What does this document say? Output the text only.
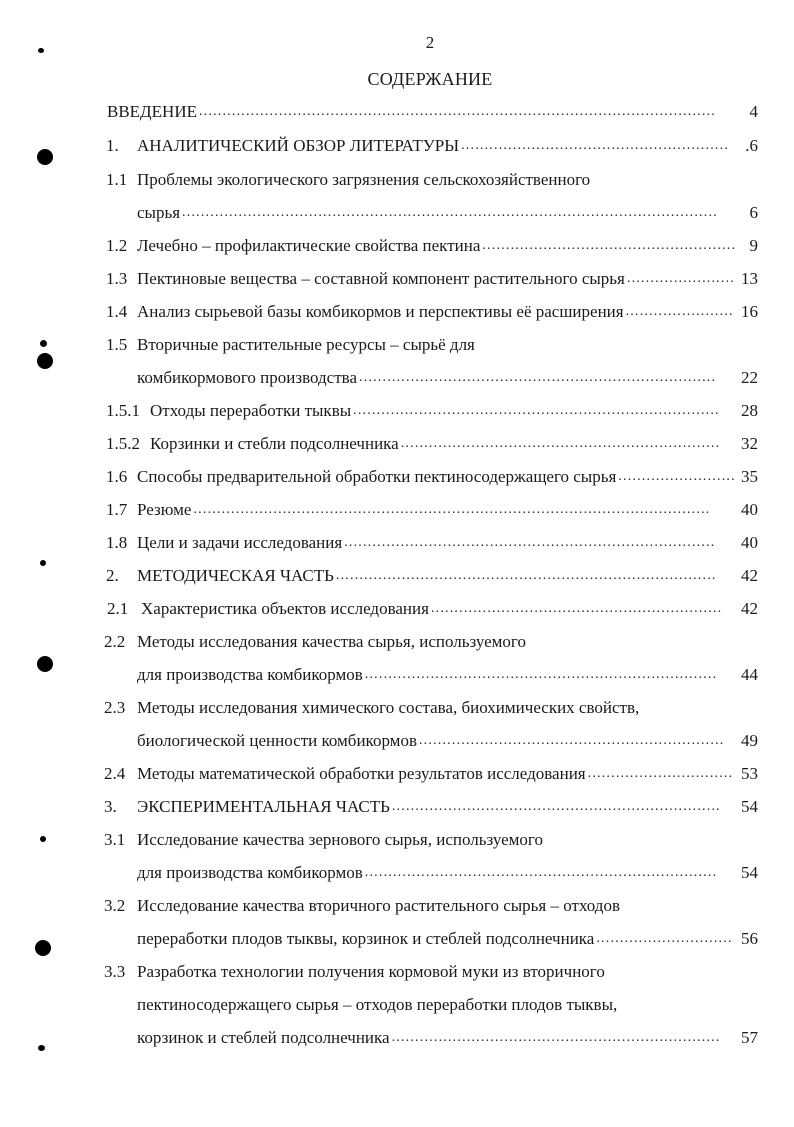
2
СОДЕРЖАНИЕ
ВВЕДЕНИЕ ..............................................................................................................	4
1. АНАЛИТИЧЕСКИЙ ОБЗОР ЛИТЕРАТУРЫ ......................................................... .6
1.1 Проблемы экологического загрязнения сельскохозяйственного
сырья ..................................................................................................................	6
1.2 Лечебно – профилактические свойства пектина ...................................................... 9
1.3 Пектиновые вещества – составной компонент растительного сырья ....................... 13
1.4 Анализ сырьевой базы комбикормов и перспективы её расширения ....................... 16
1.5 Вторичные растительные ресурсы – сырьё для
комбикормового производства ............................................................................	22
1.5.1 Отходы переработки тыквы ..............................................................................	28
1.5.2 Корзинки и стебли подсолнечника ....................................................................	32
1.6 Способы предварительной обработки пектиносодержащего сырья ......................... 35
1.7 Резюме ..............................................................................................................	40
1.8 Цели и задачи исследования ...............................................................................	40
2. МЕТОДИЧЕСКАЯ ЧАСТЬ .................................................................................	42
2.1 Характеристика объектов исследования ..............................................................	42
2.2 Методы исследования качества сырья, используемого
для производства комбикормов ...........................................................................	44
2.3 Методы исследования химического состава, биохимических свойств,
биологической ценности комбикормов ................................................................. 49
2.4 Методы математической обработки результатов исследования ............................... 53
3. ЭКСПЕРИМЕНТАЛЬНАЯ ЧАСТЬ ......................................................................	54
3.1 Исследование качества зернового сырья, используемого
для производства комбикормов ...........................................................................	54
3.2 Исследование качества вторичного растительного сырья – отходов
переработки плодов тыквы, корзинок и стеблей подсолнечника ............................. 56
3.3 Разработка технологии получения кормовой муки из вторичного
пектиносодержащего сырья – отходов переработки плодов тыквы,
корзинок и стеблей подсолнечника ......................................................................	57
